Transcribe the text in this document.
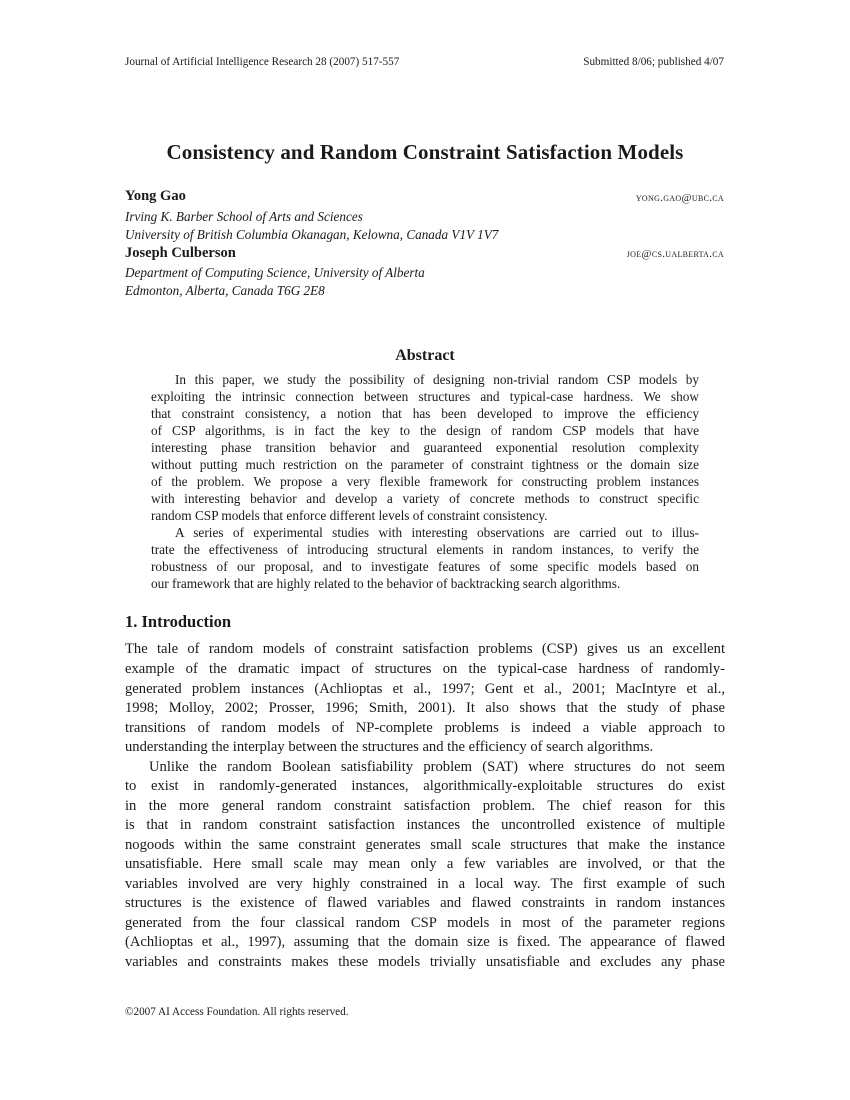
Journal of Artificial Intelligence Research 28 (2007) 517-557	Submitted 8/06; published 4/07
Consistency and Random Constraint Satisfaction Models
Yong Gao	yong.gao@ubc.ca
Irving K. Barber School of Arts and Sciences
University of British Columbia Okanagan, Kelowna, Canada V1V 1V7
Joseph Culberson	joe@cs.ualberta.ca
Department of Computing Science, University of Alberta
Edmonton, Alberta, Canada T6G 2E8
Abstract
In this paper, we study the possibility of designing non-trivial random CSP models by
exploiting the intrinsic connection between structures and typical-case hardness. We show
that constraint consistency, a notion that has been developed to improve the efficiency
of CSP algorithms, is in fact the key to the design of random CSP models that have
interesting phase transition behavior and guaranteed exponential resolution complexity
without putting much restriction on the parameter of constraint tightness or the domain size
of the problem. We propose a very flexible framework for constructing problem instances
with interesting behavior and develop a variety of concrete methods to construct specific
random CSP models that enforce different levels of constraint consistency.
A series of experimental studies with interesting observations are carried out to illus-
trate the effectiveness of introducing structural elements in random instances, to verify the
robustness of our proposal, and to investigate features of some specific models based on
our framework that are highly related to the behavior of backtracking search algorithms.
1. Introduction
The tale of random models of constraint satisfaction problems (CSP) gives us an excellent
example of the dramatic impact of structures on the typical-case hardness of randomly-
generated problem instances (Achlioptas et al., 1997; Gent et al., 2001; MacIntyre et al.,
1998; Molloy, 2002; Prosser, 1996; Smith, 2001). It also shows that the study of phase
transitions of random models of NP-complete problems is indeed a viable approach to
understanding the interplay between the structures and the efficiency of search algorithms.
Unlike the random Boolean satisfiability problem (SAT) where structures do not seem
to exist in randomly-generated instances, algorithmically-exploitable structures do exist
in the more general random constraint satisfaction problem. The chief reason for this
is that in random constraint satisfaction instances the uncontrolled existence of multiple
nogoods within the same constraint generates small scale structures that make the instance
unsatisfiable. Here small scale may mean only a few variables are involved, or that the
variables involved are very highly constrained in a local way. The first example of such
structures is the existence of flawed variables and flawed constraints in random instances
generated from the four classical random CSP models in most of the parameter regions
(Achlioptas et al., 1997), assuming that the domain size is fixed. The appearance of flawed
variables and constraints makes these models trivially unsatisfiable and excludes any phase
©2007 AI Access Foundation. All rights reserved.
